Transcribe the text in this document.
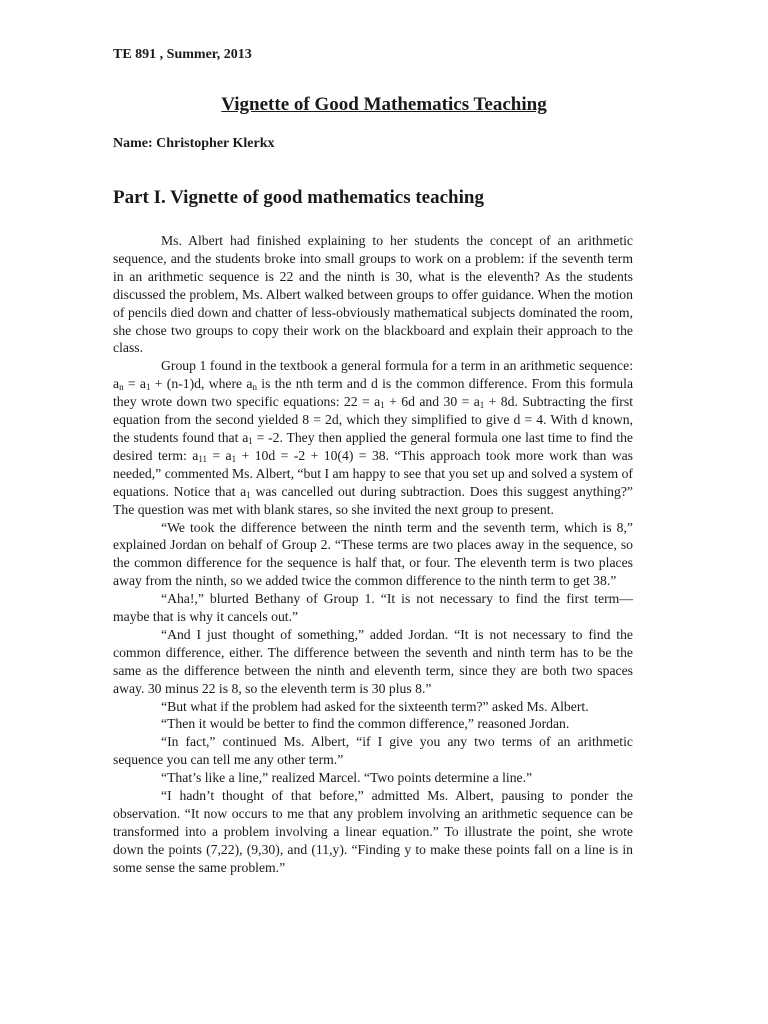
TE 891 , Summer, 2013
Vignette of Good Mathematics Teaching
Name: Christopher Klerkx
Part I. Vignette of good mathematics teaching

Ms. Albert had finished explaining to her students the concept of an arithmetic sequence, and the students broke into small groups to work on a problem: if the seventh term in an arithmetic sequence is 22 and the ninth is 30, what is the eleventh? As the students discussed the problem, Ms. Albert walked between groups to offer guidance. When the motion of pencils died down and chatter of less-obviously mathematical subjects dominated the room, she chose two groups to copy their work on the blackboard and explain their approach to the class.

Group 1 found in the textbook a general formula for a term in an arithmetic sequence: $a_n = a_1 + (n-1)d$, where $a_n$ is the nth term and d is the common difference. From this formula they wrote down two specific equations: $22 = a_1 + 6d$ and $30 = a_1 + 8d$. Subtracting the first equation from the second yielded 8 = 2d, which they simplified to give d = 4. With d known, the students found that $a_1 = -2$. They then applied the general formula one last time to find the desired term: $a_{11} = a_1 + 10d = -2 + 10(4) = 38$. “This approach took more work than was needed,” commented Ms. Albert, “but I am happy to see that you set up and solved a system of equations. Notice that $a_1$ was cancelled out during subtraction. Does this suggest anything?” The question was met with blank stares, so she invited the next group to present.

“We took the difference between the ninth term and the seventh term, which is 8,” explained Jordan on behalf of Group 2. “These terms are two places away in the sequence, so the common difference for the sequence is half that, or four. The eleventh term is two places away from the ninth, so we added twice the common difference to the ninth term to get 38.”

“Aha!,” blurted Bethany of Group 1. “It is not necessary to find the first term—maybe that is why it cancels out.”

“And I just thought of something,” added Jordan. “It is not necessary to find the common difference, either. The difference between the seventh and ninth term has to be the same as the difference between the ninth and eleventh term, since they are both two spaces away. 30 minus 22 is 8, so the eleventh term is 30 plus 8.”

“But what if the problem had asked for the sixteenth term?” asked Ms. Albert.

“Then it would be better to find the common difference,” reasoned Jordan.

“In fact,” continued Ms. Albert, “if I give you any two terms of an arithmetic sequence you can tell me any other term.”

“That’s like a line,” realized Marcel. “Two points determine a line.”

“I hadn’t thought of that before,” admitted Ms. Albert, pausing to ponder the observation. “It now occurs to me that any problem involving an arithmetic sequence can be transformed into a problem involving a linear equation.” To illustrate the point, she wrote down the points (7,22), (9,30), and (11,y). “Finding y to make these points fall on a line is in some sense the same problem.”
